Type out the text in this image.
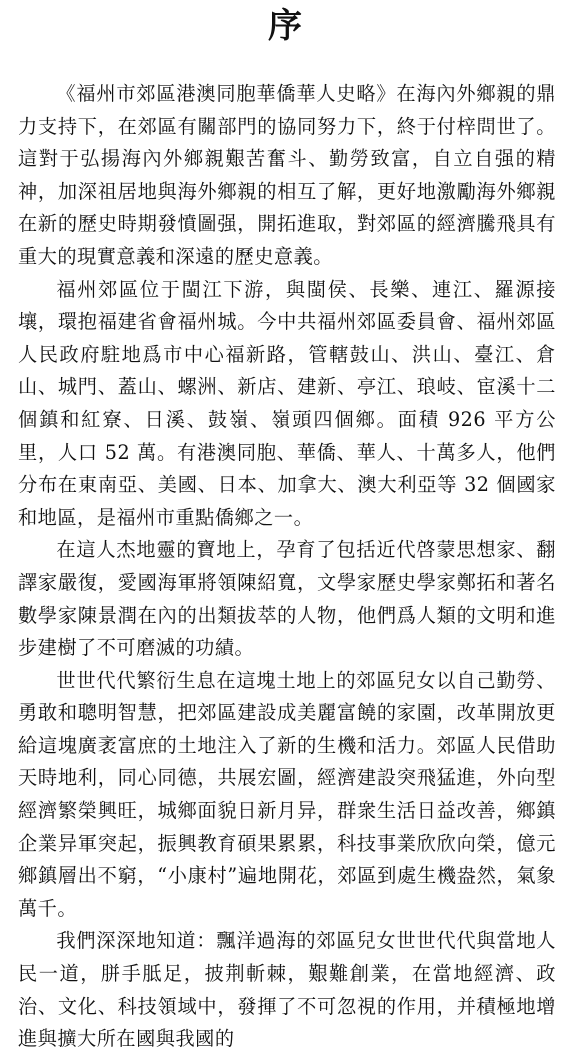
序

《福州市郊區港澳同胞華僑華人史略》在海內外鄉親的鼎力支持下，在郊區有關部門的協同努力下，終于付梓問世了。這對于弘揚海內外鄉親艱苦奮斗、勤勞致富，自立自强的精神，加深祖居地與海外鄉親的相互了解，更好地激勵海外鄉親在新的歷史時期發憤圖强，開拓進取，對郊區的經濟騰飛具有重大的現實意義和深遠的歷史意義。

福州郊區位于閩江下游，與閩侯、長樂、連江、羅源接壤，環抱福建省會福州城。今中共福州郊區委員會、福州郊區人民政府駐地爲市中心福新路，管轄鼓山、洪山、臺江、倉山、城門、蓋山、螺洲、新店、建新、亭江、琅岐、宦溪十二個鎮和紅寮、日溪、鼓嶺、嶺頭四個鄉。面積 926 平方公里，人口 52 萬。有港澳同胞、華僑、華人、十萬多人，他們分布在東南亞、美國、日本、加拿大、澳大利亞等 32 個國家和地區，是福州市重點僑鄉之一。

在這人杰地靈的寶地上，孕育了包括近代啓蒙思想家、翻譯家嚴復，愛國海軍將領陳紹寬，文學家歷史學家鄭拓和著名數學家陳景潤在內的出類拔萃的人物，他們爲人類的文明和進步建樹了不可磨滅的功績。

世世代代繁衍生息在這塊土地上的郊區兒女以自己勤勞、勇敢和聰明智慧，把郊區建設成美麗富饒的家園，改革開放更給這塊廣袤富庶的土地注入了新的生機和活力。郊區人民借助天時地利，同心同德，共展宏圖，經濟建設突飛猛進，外向型經濟繁榮興旺，城鄉面貌日新月异，群衆生活日益改善，鄉鎮企業异軍突起，振興教育碩果累累，科技事業欣欣向榮，億元鄉鎮層出不窮，“小康村”遍地開花，郊區到處生機盎然，氣象萬千。

我們深深地知道：飄洋過海的郊區兒女世世代代與當地人民一道，胼手胝足，披荆斬棘，艱難創業，在當地經濟、政治、文化、科技領域中，發揮了不可忽視的作用，并積極地增進與擴大所在國與我國的
